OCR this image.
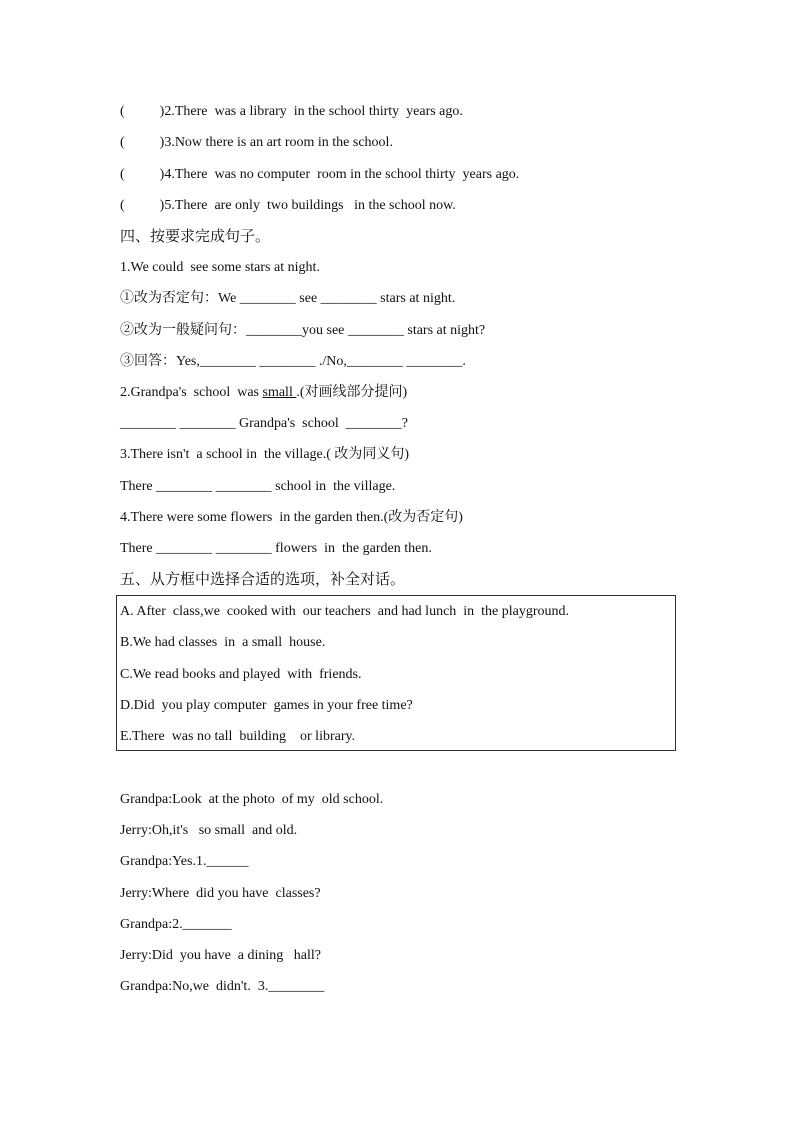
(          )2.There  was a library  in the school thirty  years ago.
(          )3.Now there is an art room in the school.
(          )4.There  was no computer  room in the school thirty  years ago.
(          )5.There  are only  two buildings   in the school now.
四、按要求完成句子。
1.We could  see some stars at night.
①改为否定句：We ________ see ________ stars at night.
②改为一般疑问句：________you see ________ stars at night?
③回答：Yes,________ ________ ./No,________ ________.
2.Grandpa's  school  was small .(对画线部分提问)
________ ________ Grandpa's  school  ________?
3.There isn't  a school in  the village.( 改为同义句)
There ________ ________ school in  the village.
4.There were some flowers  in the garden then.(改为否定句)
There ________ ________ flowers  in  the garden then.
五、从方框中选择合适的选项，补全对话。
A. After  class,we  cooked with  our teachers  and had lunch  in  the playground.
B.We had classes  in  a small  house.
C.We read books and played  with  friends.
D.Did  you play computer  games in your free time?
E.There  was no tall  building    or library.
Grandpa:Look  at the photo  of my  old school.
Jerry:Oh,it's   so small  and old.
Grandpa:Yes.1.______
Jerry:Where  did you have  classes?
Grandpa:2._______
Jerry:Did  you have  a dining   hall?
Grandpa:No,we  didn't.  3.________
